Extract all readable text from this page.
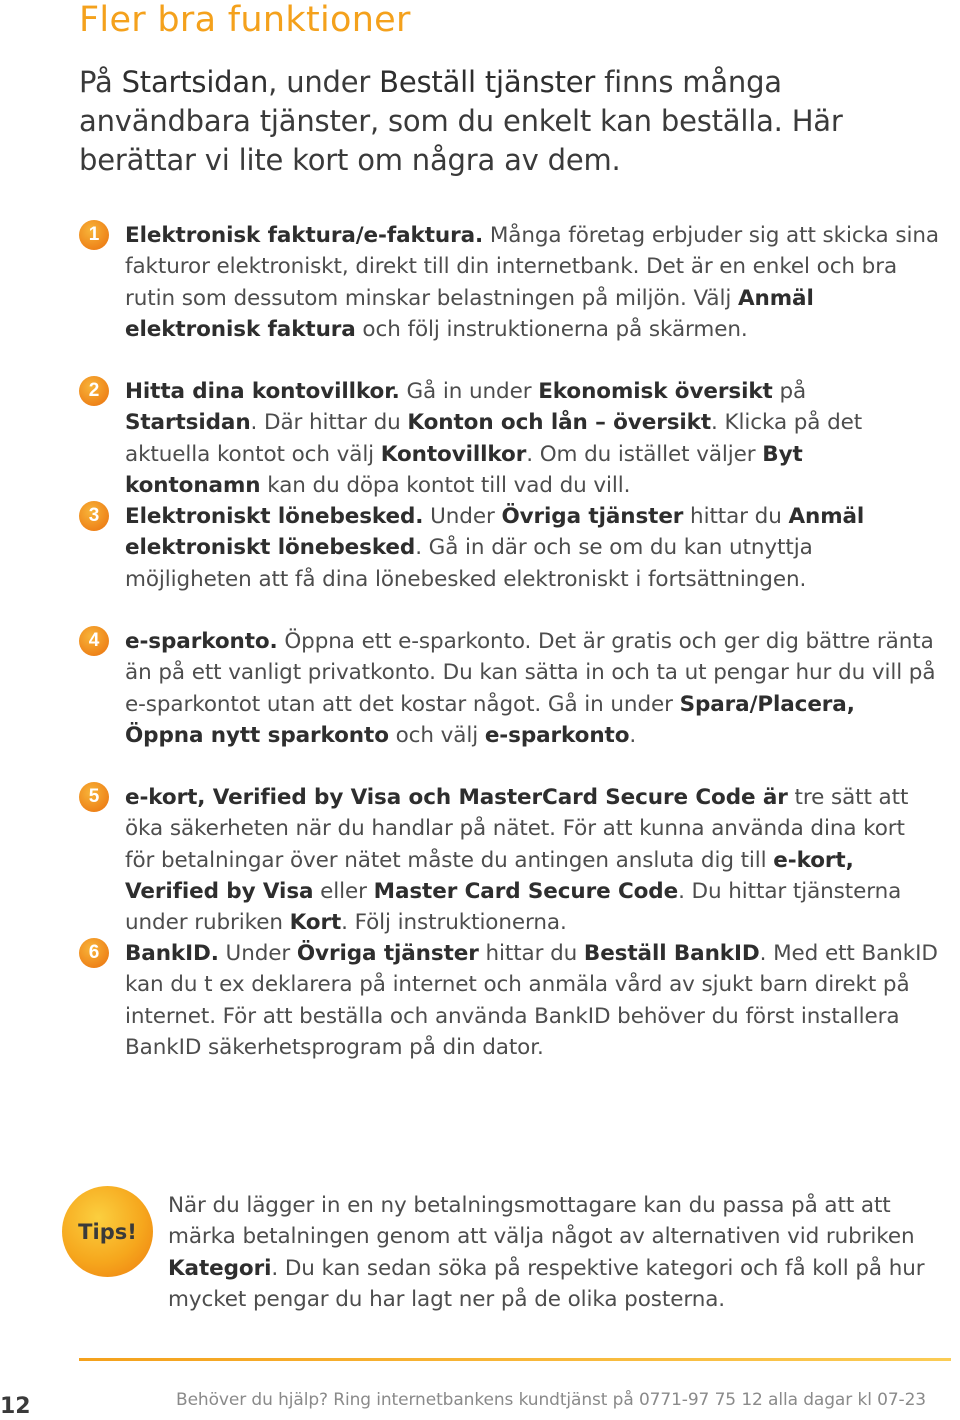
Fler bra funktioner

På Startsidan, under Beställ tjänster finns många användbara tjänster, som du enkelt kan beställa. Här berättar vi lite kort om några av dem.

1	Elektronisk faktura/e-faktura. Många företag erbjuder sig att skicka sina fakturor elektroniskt, direkt till din internetbank. Det är en enkel och bra rutin som dessutom minskar belastningen på miljön. Välj Anmäl elektronisk faktura och följ instruktionerna på skärmen.
2	Hitta dina kontovillkor. Gå in under Ekonomisk översikt på Startsidan. Där hittar du Konton och lån – översikt. Klicka på det aktuella kontot och välj Kontovillkor. Om du istället väljer Byt kontonamn kan du döpa kontot till vad du vill.
3	Elektroniskt lönebesked. Under Övriga tjänster hittar du Anmäl elektroniskt lönebesked. Gå in där och se om du kan utnyttja möjligheten att få dina lönebesked elektroniskt i fortsättningen.
4	e-sparkonto. Öppna ett e-sparkonto. Det är gratis och ger dig bättre ränta än på ett vanligt privatkonto. Du kan sätta in och ta ut pengar hur du vill på e-sparkontot utan att det kostar något. Gå in under Spara/Placera, Öppna nytt sparkonto och välj e-sparkonto.
5	e-kort, Verified by Visa och MasterCard Secure Code är tre sätt att öka säkerheten när du handlar på nätet. För att kunna använda dina kort för betalningar över nätet måste du antingen ansluta dig till e-kort, Verified by Visa eller Master Card Secure Code. Du hittar tjänsterna under rubriken Kort. Följ instruktionerna.
6	BankID. Under Övriga tjänster hittar du Beställ BankID. Med ett BankID kan du t ex deklarera på internet och anmäla vård av sjukt barn direkt på internet. För att beställa och använda BankID behöver du först installera BankID säkerhetsprogram på din dator.
Tips!
När du lägger in en ny betalningsmottagare kan du passa på att att märka betalningen genom att välja något av alternativen vid rubriken Kategori. Du kan sedan söka på respektive kategori och få koll på hur mycket pengar du har lagt ner på de olika posterna.
12	Behöver du hjälp? Ring internetbankens kundtjänst på 0771-97 75 12 alla dagar kl 07-23
